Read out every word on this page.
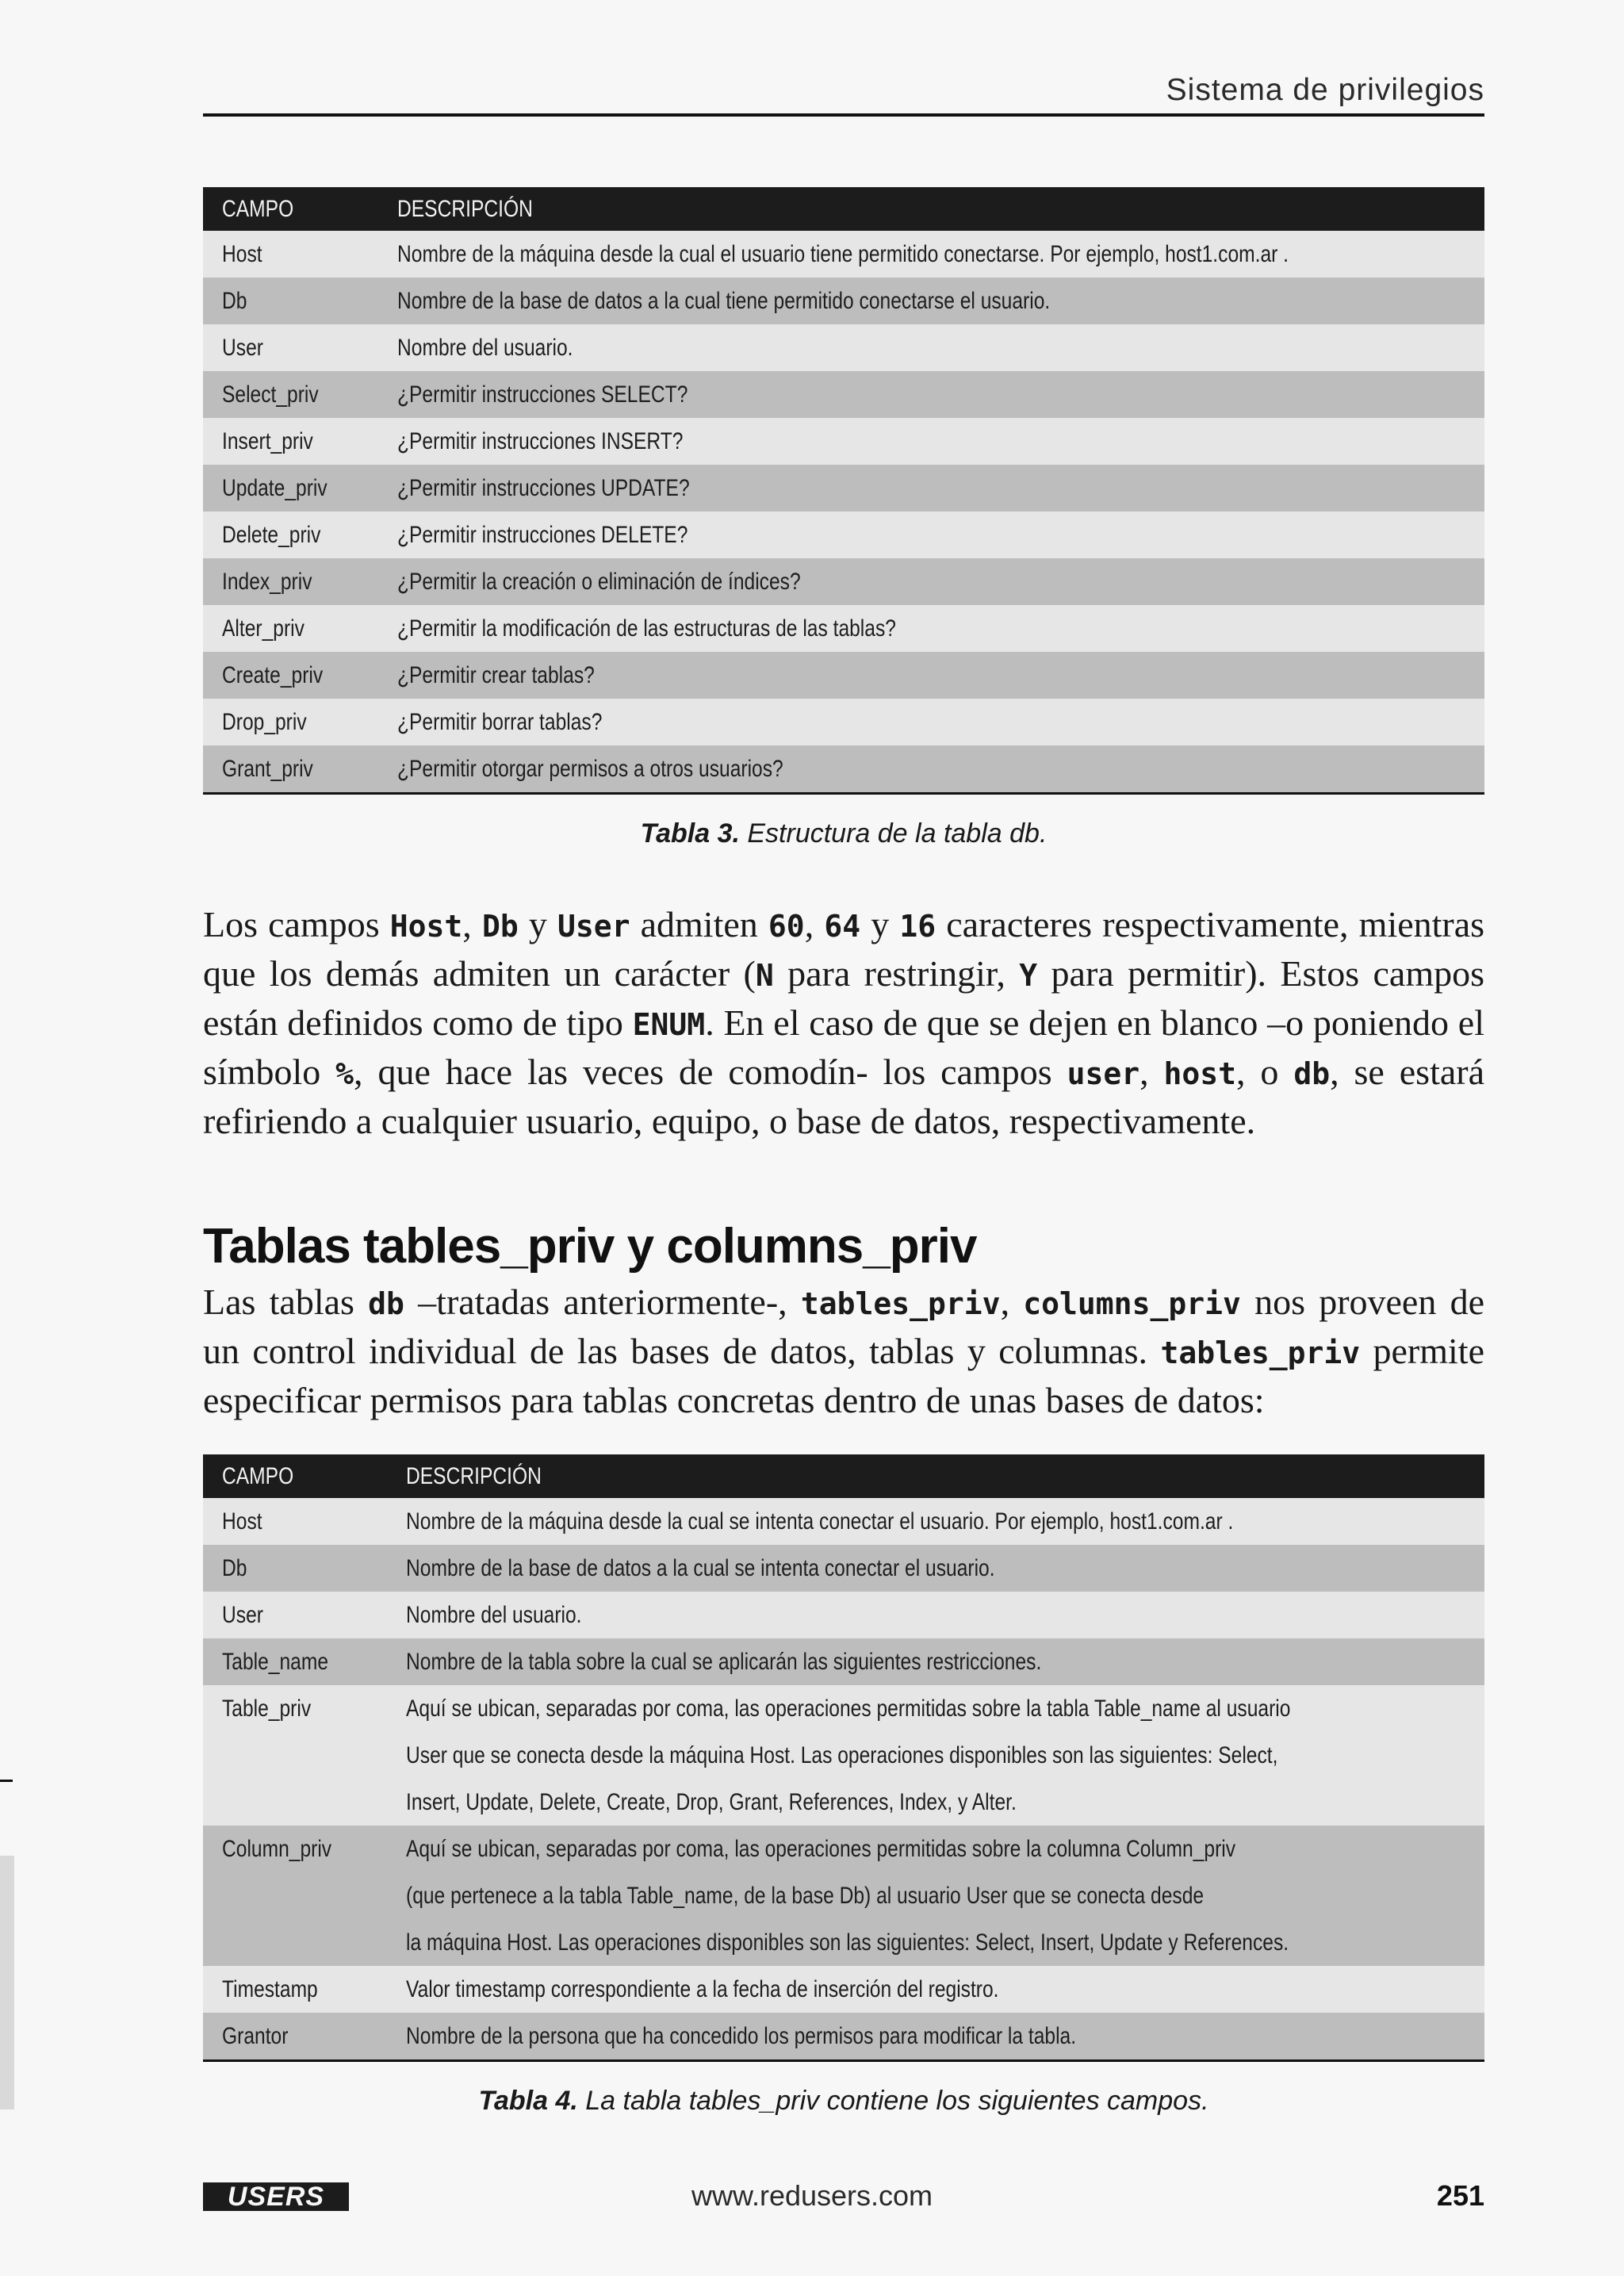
Sistema de privilegios
CAMPO	DESCRIPCIÓN
Host	Nombre de la máquina desde la cual el usuario tiene permitido conectarse. Por ejemplo, host1.com.ar .
Db	Nombre de la base de datos a la cual tiene permitido conectarse el usuario.
User	Nombre del usuario.
Select_priv	¿Permitir instrucciones SELECT?
Insert_priv	¿Permitir instrucciones INSERT?
Update_priv	¿Permitir instrucciones UPDATE?
Delete_priv	¿Permitir instrucciones DELETE?
Index_priv	¿Permitir la creación o eliminación de índices?
Alter_priv	¿Permitir la modificación de las estructuras de las tablas?
Create_priv	¿Permitir crear tablas?
Drop_priv	¿Permitir borrar tablas?
Grant_priv	¿Permitir otorgar permisos a otros usuarios?
Tabla 3. Estructura de la tabla db.
Los campos Host, Db y User admiten 60, 64 y 16 caracteres respectivamente, mientras que los demás admiten un carácter (N para restringir, Y para permitir). Estos campos están definidos como de tipo ENUM. En el caso de que se dejen en blanco –o poniendo el símbolo %, que hace las veces de comodín- los campos user, host, o db, se estará refiriendo a cualquier usuario, equipo, o base de datos, respectivamente.
Tablas tables_priv y columns_priv
Las tablas db –tratadas anteriormente-, tables_priv, columns_priv nos proveen de un control individual de las bases de datos, tablas y columnas. tables_priv permite especificar permisos para tablas concretas dentro de unas bases de datos:
CAMPO	DESCRIPCIÓN
Host	Nombre de la máquina desde la cual se intenta conectar el usuario. Por ejemplo, host1.com.ar .
Db	Nombre de la base de datos a la cual se intenta conectar el usuario.
User	Nombre del usuario.
Table_name	Nombre de la tabla sobre la cual se aplicarán las siguientes restricciones.
Table_priv	Aquí se ubican, separadas por coma, las operaciones permitidas sobre la tabla Table_name al usuario
User que se conecta desde la máquina Host. Las operaciones disponibles son las siguientes: Select,
Insert, Update, Delete, Create, Drop, Grant, References, Index, y Alter.
Column_priv	Aquí se ubican, separadas por coma, las operaciones permitidas sobre la columna Column_priv
(que pertenece a la tabla Table_name, de la base Db) al usuario User que se conecta desde
la máquina Host. Las operaciones disponibles son las siguientes: Select, Insert, Update y References.
Timestamp	Valor timestamp correspondiente a la fecha de inserción del registro.
Grantor	Nombre de la persona que ha concedido los permisos para modificar la tabla.
Tabla 4. La tabla tables_priv contiene los siguientes campos.
USERS	www.redusers.com	251
